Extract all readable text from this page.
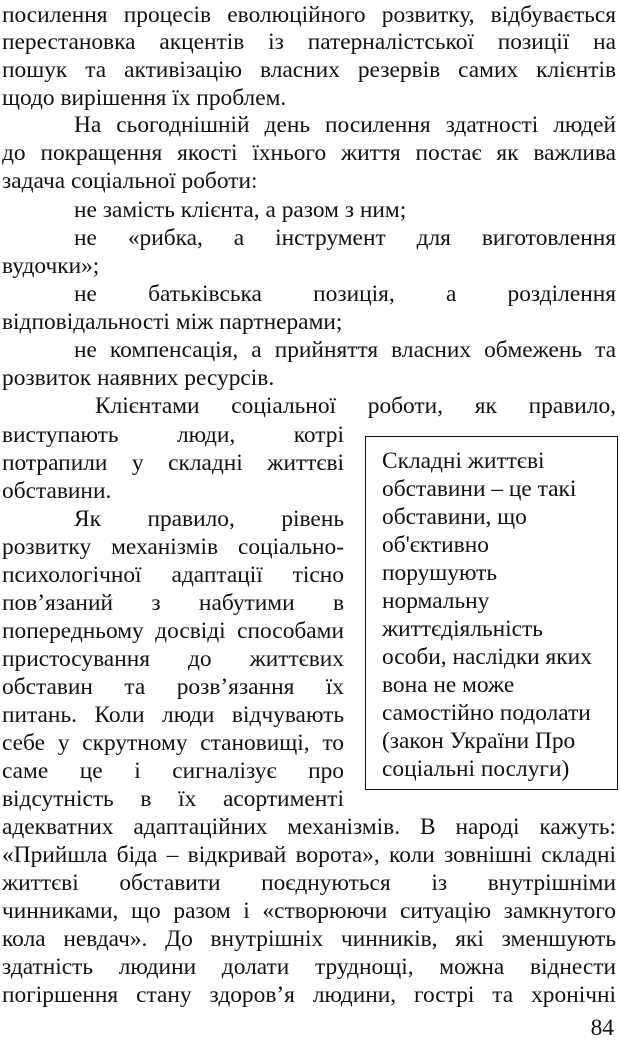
посилення процесів еволюційного розвитку, відбувається
перестановка акцентів із патерналістської позиції на
пошук та активізацію власних резервів самих клієнтів
щодо вирішення їх проблем.
На сьогоднішній день посилення здатності людей
до покращення якості їхнього життя постає як важлива
задача соціальної роботи:
не замість клієнта, а разом з ним;
не «рибка, а інструмент для виготовлення
вудочки»;
не батьківська позиція, а розділення
відповідальності між партнерами;
не компенсація, а прийняття власних обмежень та
розвиток наявних ресурсів.
Клієнтами соціальної роботи, як правило,
виступають люди, котрі
потрапили у складні життєві
обставини.
Як правило, рівень
розвитку механізмів соціально-
психологічної адаптації тісно
пов’язаний з набутими в
попередньому досвіді способами
пристосування до життєвих
обставин та розв’язання їх
питань. Коли люди відчувають
себе у скрутному становищі, то
саме це і сигналізує про
відсутність в їх асортименті
Складні життєві
обставини – це такі
обставини, що
об'єктивно
порушують
нормальну
життєдіяльність
особи, наслідки яких
вона не може
самостійно подолати
(закон України Про
соціальні послуги)
адекватних адаптаційних механізмів. В народі кажуть:
«Прийшла біда – відкривай ворота», коли зовнішні складні
життєві обставити поєднуються із внутрішніми
чинниками, що разом і «створюючи ситуацію замкнутого
кола невдач». До внутрішніх чинників, які зменшують
здатність людини долати труднощі, можна віднести
погіршення стану здоров’я людини, гострі та хронічні
84
